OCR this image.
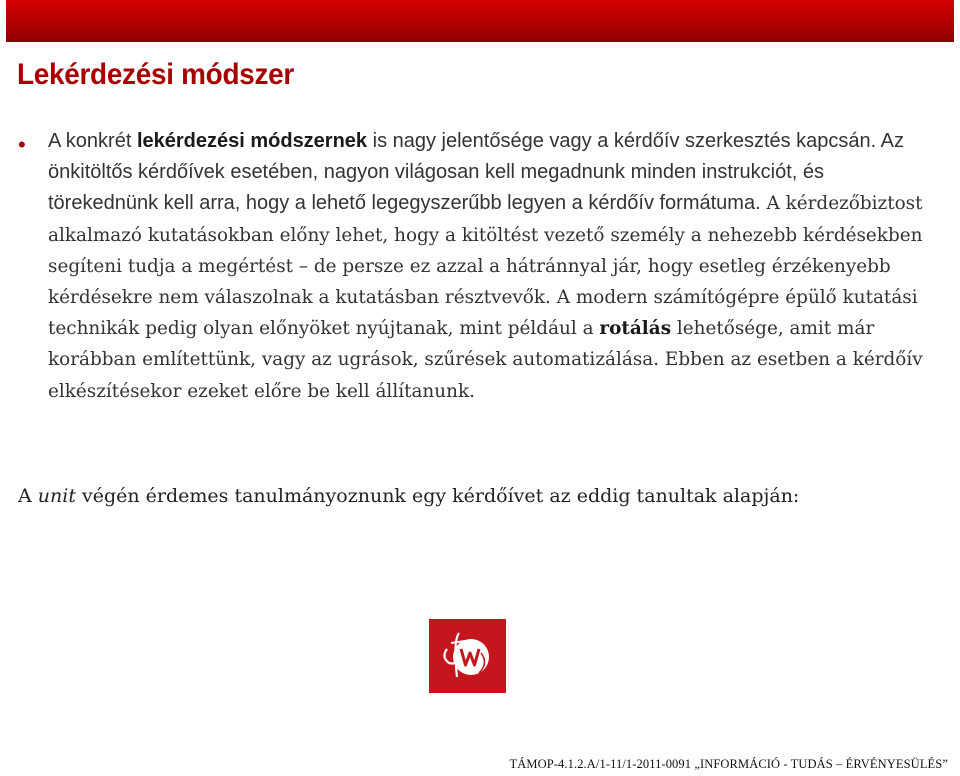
Lekérdezési módszer
• A konkrét lekérdezési módszernek is nagy jelentősége vagy a kérdőív szerkesztés kapcsán. Az önkitöltős kérdőívek esetében, nagyon világosan kell megadnunk minden instrukciót, és törekednünk kell arra, hogy a lehető legegyszerűbb legyen a kérdőív formátuma. A kérdezőbiztost alkalmazó kutatásokban előny lehet, hogy a kitöltést vezető személy a nehezebb kérdésekben segíteni tudja a megértést – de persze ez azzal a hátránnyal jár, hogy esetleg érzékenyebb kérdésekre nem válaszolnak a kutatásban résztvevők. A modern számítógépre épülő kutatási technikák pedig olyan előnyöket nyújtanak, mint például a rotálás lehetősége, amit már korábban említettünk, vagy az ugrások, szűrések automatizálása. Ebben az esetben a kérdőív elkészítésekor ezeket előre be kell állítanunk.

A unit végén érdemes tanulmányoznunk egy kérdőívet az eddig tanultak alapján:

TÁMOP-4.1.2.A/1-11/1-2011-0091 „INFORMÁCIÓ - TUDÁS – ÉRVÉNYESÜLÉS”
